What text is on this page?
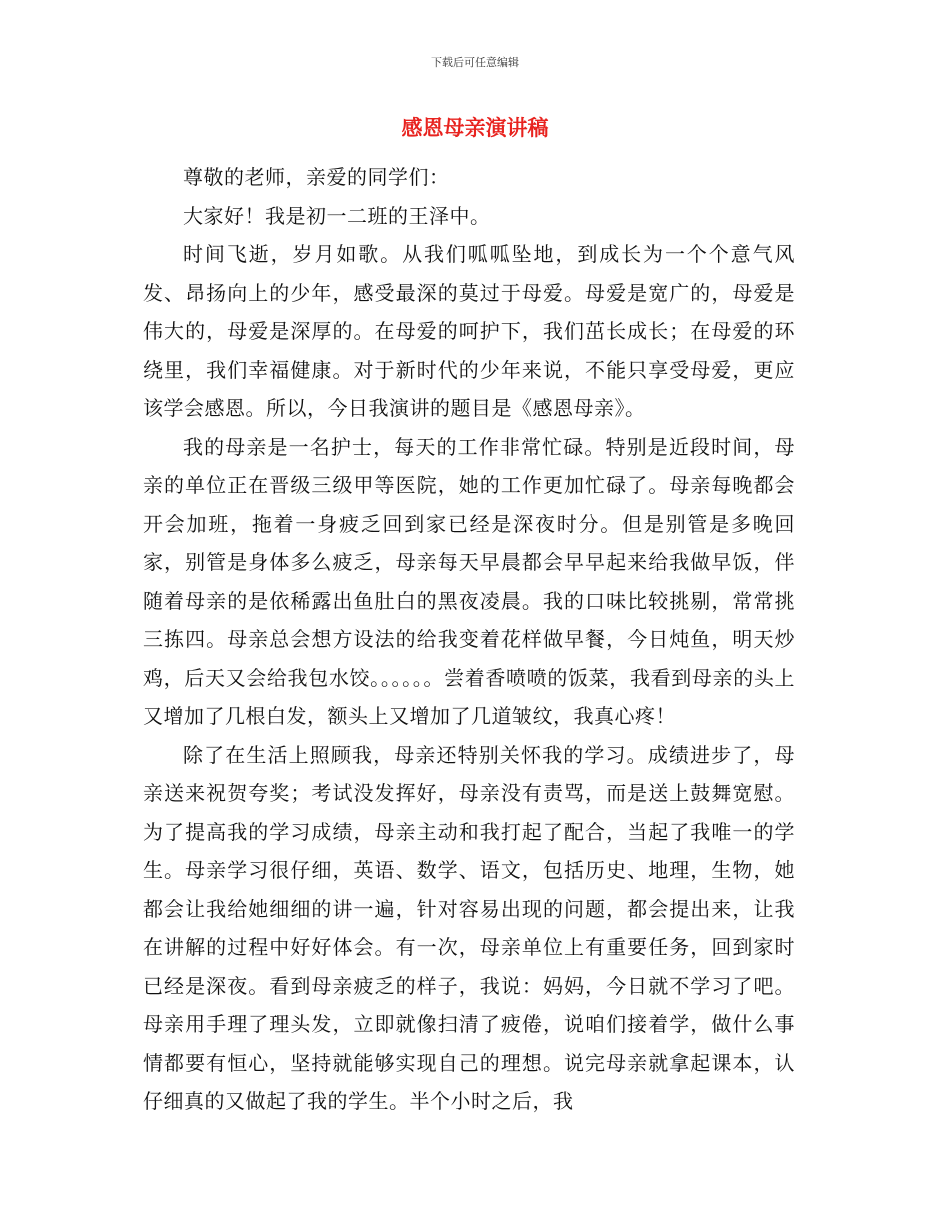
下载后可任意编辑
感恩母亲演讲稿

尊敬的老师，亲爱的同学们：

大家好！我是初一二班的王泽中。

时间飞逝，岁月如歌。从我们呱呱坠地，到成长为一个个意气风发、昂扬向上的少年，感受最深的莫过于母爱。母爱是宽广的，母爱是伟大的，母爱是深厚的。在母爱的呵护下，我们茁长成长；在母爱的环绕里，我们幸福健康。对于新时代的少年来说，不能只享受母爱，更应该学会感恩。所以，今日我演讲的题目是《感恩母亲》。

我的母亲是一名护士，每天的工作非常忙碌。特别是近段时间，母亲的单位正在晋级三级甲等医院，她的工作更加忙碌了。母亲每晚都会开会加班，拖着一身疲乏回到家已经是深夜时分。但是别管是多晚回家，别管是身体多么疲乏，母亲每天早晨都会早早起来给我做早饭，伴随着母亲的是依稀露出鱼肚白的黑夜凌晨。我的口味比较挑剔，常常挑三拣四。母亲总会想方设法的给我变着花样做早餐，今日炖鱼，明天炒鸡，后天又会给我包水饺。。。。。。尝着香喷喷的饭菜，我看到母亲的头上又增加了几根白发，额头上又增加了几道皱纹，我真心疼！

除了在生活上照顾我，母亲还特别关怀我的学习。成绩进步了，母亲送来祝贺夸奖；考试没发挥好，母亲没有责骂，而是送上鼓舞宽慰。为了提高我的学习成绩，母亲主动和我打起了配合，当起了我唯一的学生。母亲学习很仔细，英语、数学、语文，包括历史、地理，生物，她都会让我给她细细的讲一遍，针对容易出现的问题，都会提出来，让我在讲解的过程中好好体会。有一次，母亲单位上有重要任务，回到家时已经是深夜。看到母亲疲乏的样子，我说：妈妈，今日就不学习了吧。母亲用手理了理头发，立即就像扫清了疲倦，说咱们接着学，做什么事情都要有恒心，坚持就能够实现自己的理想。说完母亲就拿起课本，认仔细真的又做起了我的学生。半个小时之后，我
